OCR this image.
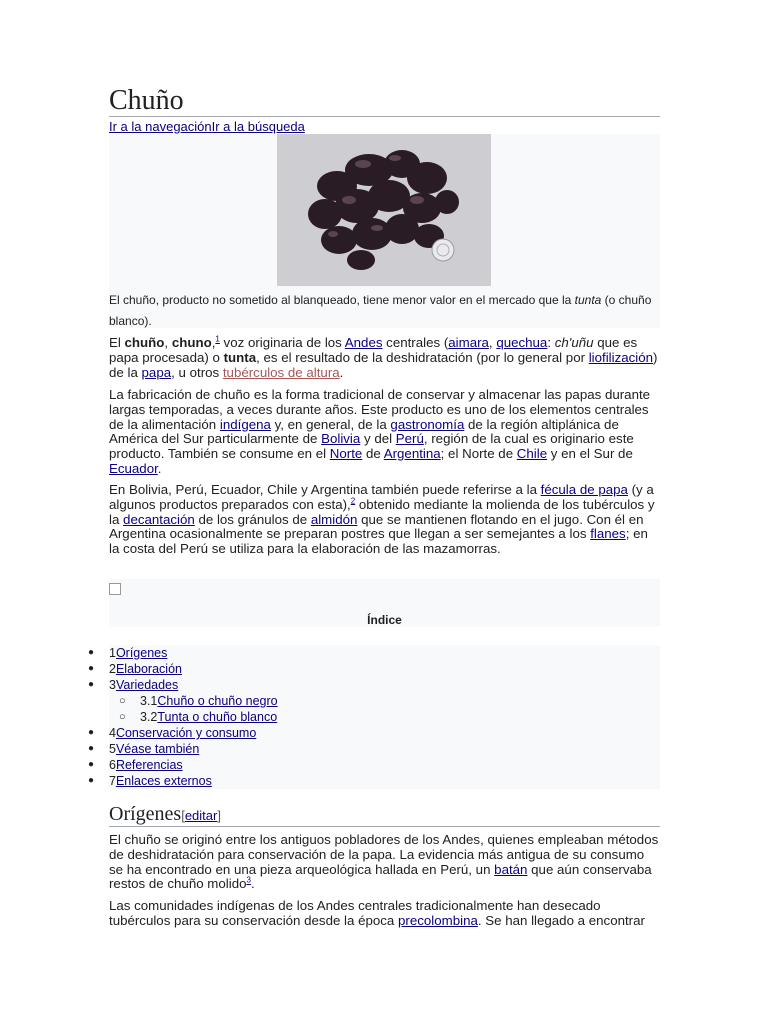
Chuño
Ir a la navegaciónIr a la búsqueda
El chuño, producto no sometido al blanqueado, tiene menor valor en el mercado que la tunta (o chuño blanco).

El chuño, chuno,$^1$ voz originaria de los Andes centrales (aimara, quechua: ch'uñu que es papa procesada) o tunta, es el resultado de la deshidratación (por lo general por liofilización) de la papa, u otros tubérculos de altura.

La fabricación de chuño es la forma tradicional de conservar y almacenar las papas durante largas temporadas, a veces durante años. Este producto es uno de los elementos centrales de la alimentación indígena y, en general, de la gastronomía de la región altiplánica de América del Sur particularmente de Bolivia y del Perú, región de la cual es originario este producto. También se consume en el Norte de Argentina; el Norte de Chile y en el Sur de Ecuador.

En Bolivia, Perú, Ecuador, Chile y Argentina también puede referirse a la fécula de papa (y a algunos productos preparados con esta),$^2$ obtenido mediante la molienda de los tubérculos y la decantación de los gránulos de almidón que se mantienen flotando en el jugo. Con él en Argentina ocasionalmente se preparan postres que llegan a ser semejantes a los flanes; en la costa del Perú se utiliza para la elaboración de las mazamorras.

Índice
● 1Orígenes
● 2Elaboración
● 3Variedades
○ 3.1Chuño o chuño negro
○ 3.2Tunta o chuño blanco
● 4Conservación y consumo
● 5Véase también
● 6Referencias
● 7Enlaces externos
Orígenes[editar]

El chuño se originó entre los antiguos pobladores de los Andes, quienes empleaban métodos de deshidratación para conservación de la papa. La evidencia más antigua de su consumo se ha encontrado en una pieza arqueológica hallada en Perú, un batán que aún conservaba restos de chuño molido$^3$.

Las comunidades indígenas de los Andes centrales tradicionalmente han desecado tubérculos para su conservación desde la época precolombina. Se han llegado a encontrar
